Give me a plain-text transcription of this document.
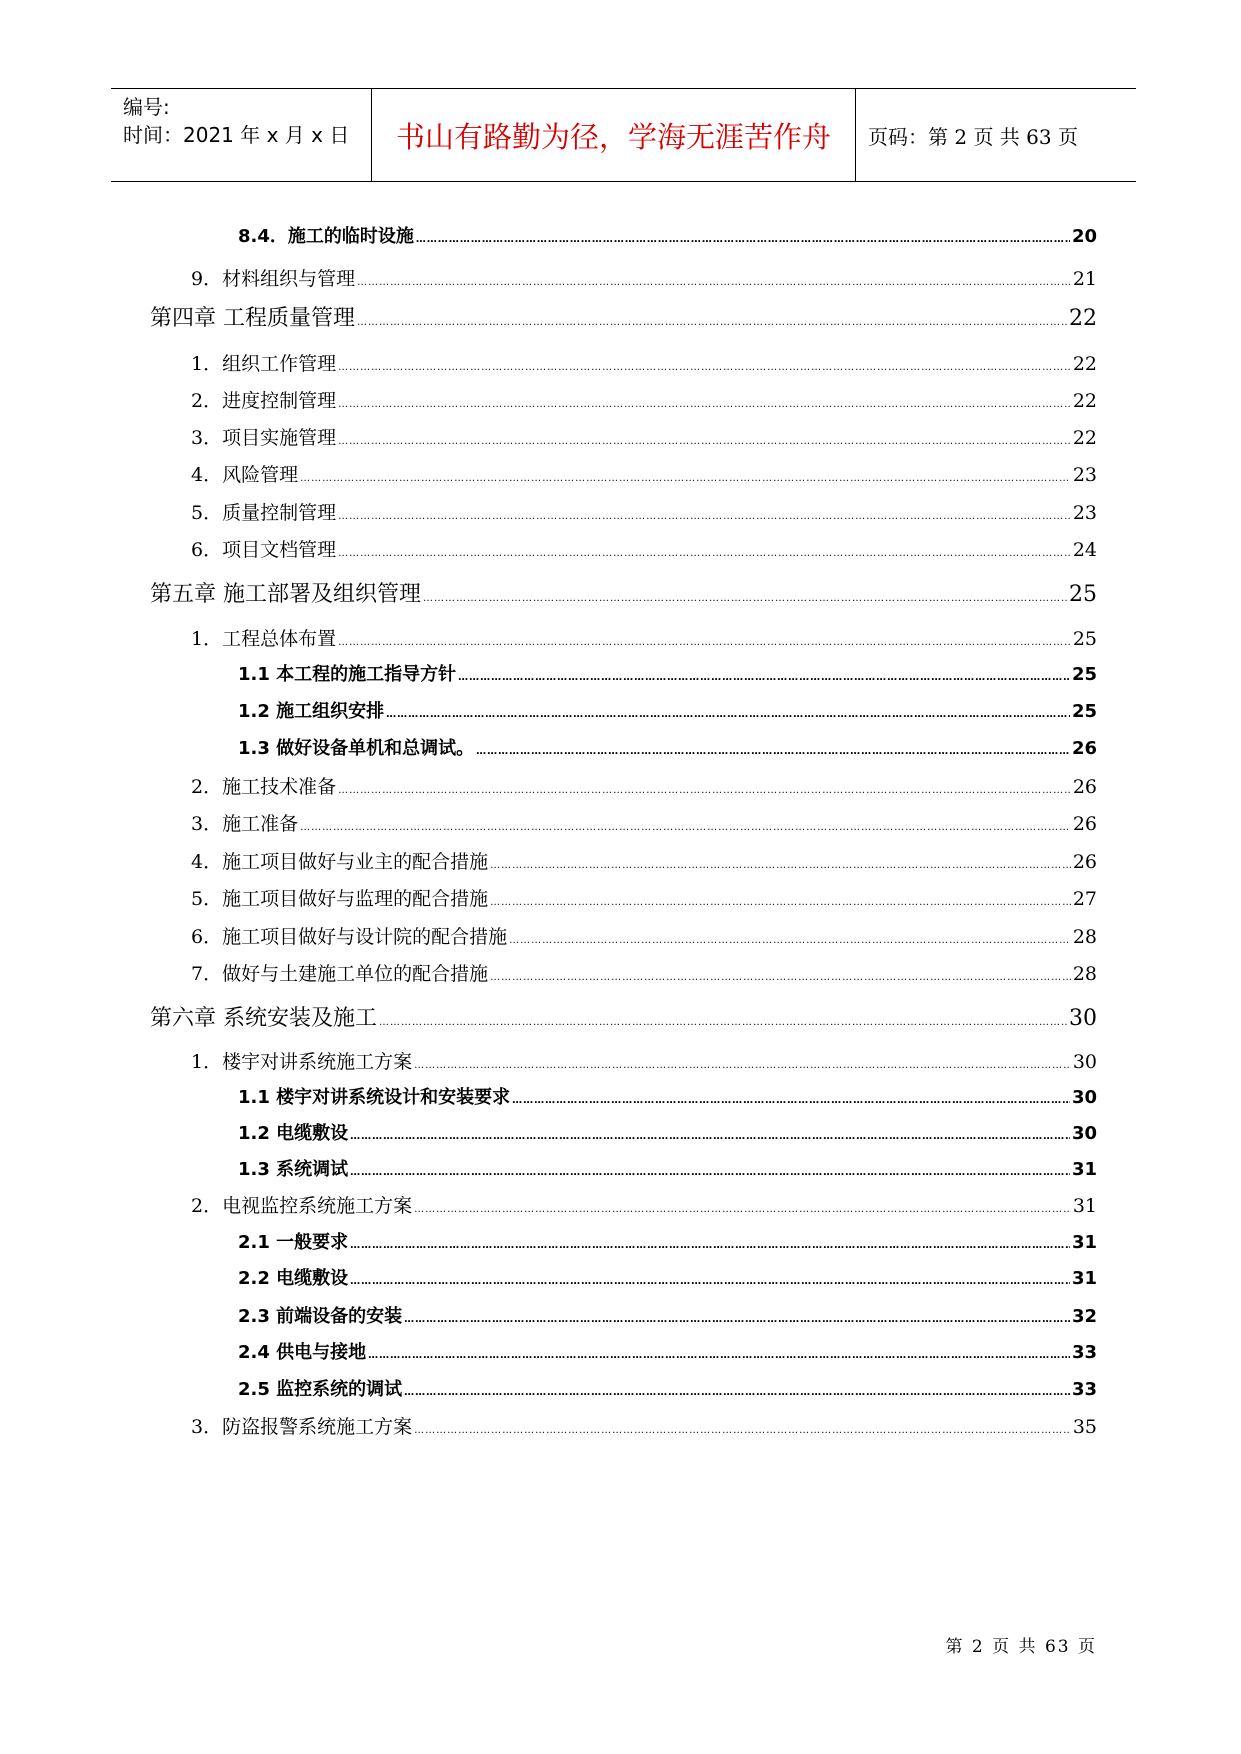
编号:
时间：2021 年 x 月 x 日	书山有路勤为径，学海无涯苦作舟	页码：第 2 页 共 63 页
8.4．施工的临时设施 ……………………………………………………………………………………………………………………………………………………………………………………………………………	20
9．材料组织与管理 ……………………………………………………………………………………………………………………………………………………………………………………………………………	21
第四章 工程质量管理 ……………………………………………………………………………………………………………………………………………………………………………………………………………	22
1．组织工作管理 ……………………………………………………………………………………………………………………………………………………………………………………………………………	22
2．进度控制管理 ……………………………………………………………………………………………………………………………………………………………………………………………………………	22
3．项目实施管理 ……………………………………………………………………………………………………………………………………………………………………………………………………………	22
4．风险管理 ……………………………………………………………………………………………………………………………………………………………………………………………………………	23
5．质量控制管理 ……………………………………………………………………………………………………………………………………………………………………………………………………………	23
6．项目文档管理 ……………………………………………………………………………………………………………………………………………………………………………………………………………	24
第五章 施工部署及组织管理 ……………………………………………………………………………………………………………………………………………………………………………………………………………	25
1．工程总体布置 ……………………………………………………………………………………………………………………………………………………………………………………………………………	25
1.1 本工程的施工指导方针 ……………………………………………………………………………………………………………………………………………………………………………………………………………	25
1.2 施工组织安排 ……………………………………………………………………………………………………………………………………………………………………………………………………………	25
1.3 做好设备单机和总调试。 ……………………………………………………………………………………………………………………………………………………………………………………………………………	26
2．施工技术准备 ……………………………………………………………………………………………………………………………………………………………………………………………………………	26
3．施工准备 ……………………………………………………………………………………………………………………………………………………………………………………………………………	26
4．施工项目做好与业主的配合措施 ……………………………………………………………………………………………………………………………………………………………………………………………………………	26
5．施工项目做好与监理的配合措施 ……………………………………………………………………………………………………………………………………………………………………………………………………………	27
6．施工项目做好与设计院的配合措施 ……………………………………………………………………………………………………………………………………………………………………………………………………………	28
7．做好与土建施工单位的配合措施 ……………………………………………………………………………………………………………………………………………………………………………………………………………	28
第六章 系统安装及施工 ……………………………………………………………………………………………………………………………………………………………………………………………………………	30
1．楼宇对讲系统施工方案 ……………………………………………………………………………………………………………………………………………………………………………………………………………	30
1.1 楼宇对讲系统设计和安装要求 ……………………………………………………………………………………………………………………………………………………………………………………………………………	30
1.2 电缆敷设 ……………………………………………………………………………………………………………………………………………………………………………………………………………	30
1.3 系统调试 ……………………………………………………………………………………………………………………………………………………………………………………………………………	31
2．电视监控系统施工方案 ……………………………………………………………………………………………………………………………………………………………………………………………………………	31
2.1 一般要求 ……………………………………………………………………………………………………………………………………………………………………………………………………………	31
2.2 电缆敷设 ……………………………………………………………………………………………………………………………………………………………………………………………………………	31
2.3 前端设备的安装 ……………………………………………………………………………………………………………………………………………………………………………………………………………	32
2.4 供电与接地 ……………………………………………………………………………………………………………………………………………………………………………………………………………	33
2.5 监控系统的调试 ……………………………………………………………………………………………………………………………………………………………………………………………………………	33
3．防盗报警系统施工方案 ……………………………………………………………………………………………………………………………………………………………………………………………………………	35
第 2 页 共 63 页
